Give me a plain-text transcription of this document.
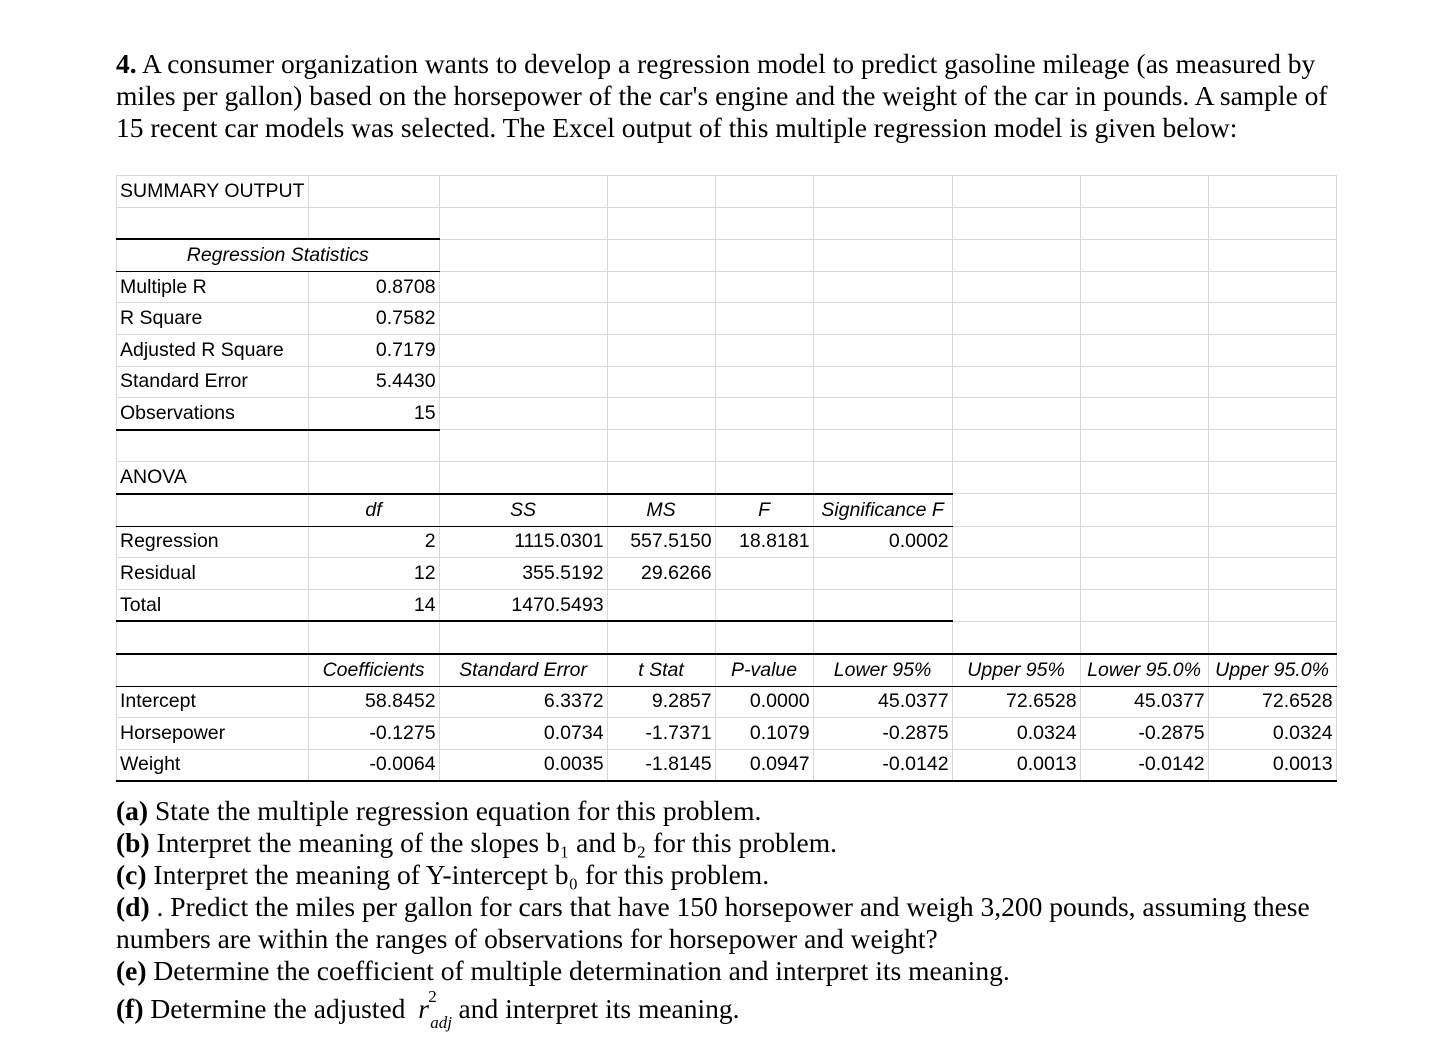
4. A consumer organization wants to develop a regression model to predict gasoline mileage (as measured by miles per gallon) based on the horsepower of the car's engine and the weight of the car in pounds. A sample of 15 recent car models was selected. The Excel output of this multiple regression model is given below:
SUMMARY OUTPUT								

Regression Statistics								
Multiple R	0.8708							
R Square	0.7582							
Adjusted R Square	0.7179							
Standard Error	5.4430							
Observations	15							

ANOVA								
	df	SS	MS	F	Significance F			
Regression	2	1115.0301	557.5150	18.8181	0.0002			
Residual	12	355.5192	29.6266					
Total	14	1470.5493						

	Coefficients	Standard Error	t Stat	P-value	Lower 95%	Upper 95%	Lower 95.0%	Upper 95.0%
Intercept	58.8452	6.3372	9.2857	0.0000	45.0377	72.6528	45.0377	72.6528
Horsepower	-0.1275	0.0734	-1.7371	0.1079	-0.2875	0.0324	-0.2875	0.0324
Weight	-0.0064	0.0035	-1.8145	0.0947	-0.0142	0.0013	-0.0142	0.0013
(a) State the multiple regression equation for this problem.
(b) Interpret the meaning of the slopes b₁ and b₂ for this problem.
(c) Interpret the meaning of Y-intercept b₀ for this problem.
(d) . Predict the miles per gallon for cars that have 150 horsepower and weigh 3,200 pounds, assuming these numbers are within the ranges of observations for horsepower and weight?
(e) Determine the coefficient of multiple determination and interpret its meaning.
(f) Determine the adjusted r 2
adj and interpret its meaning.
